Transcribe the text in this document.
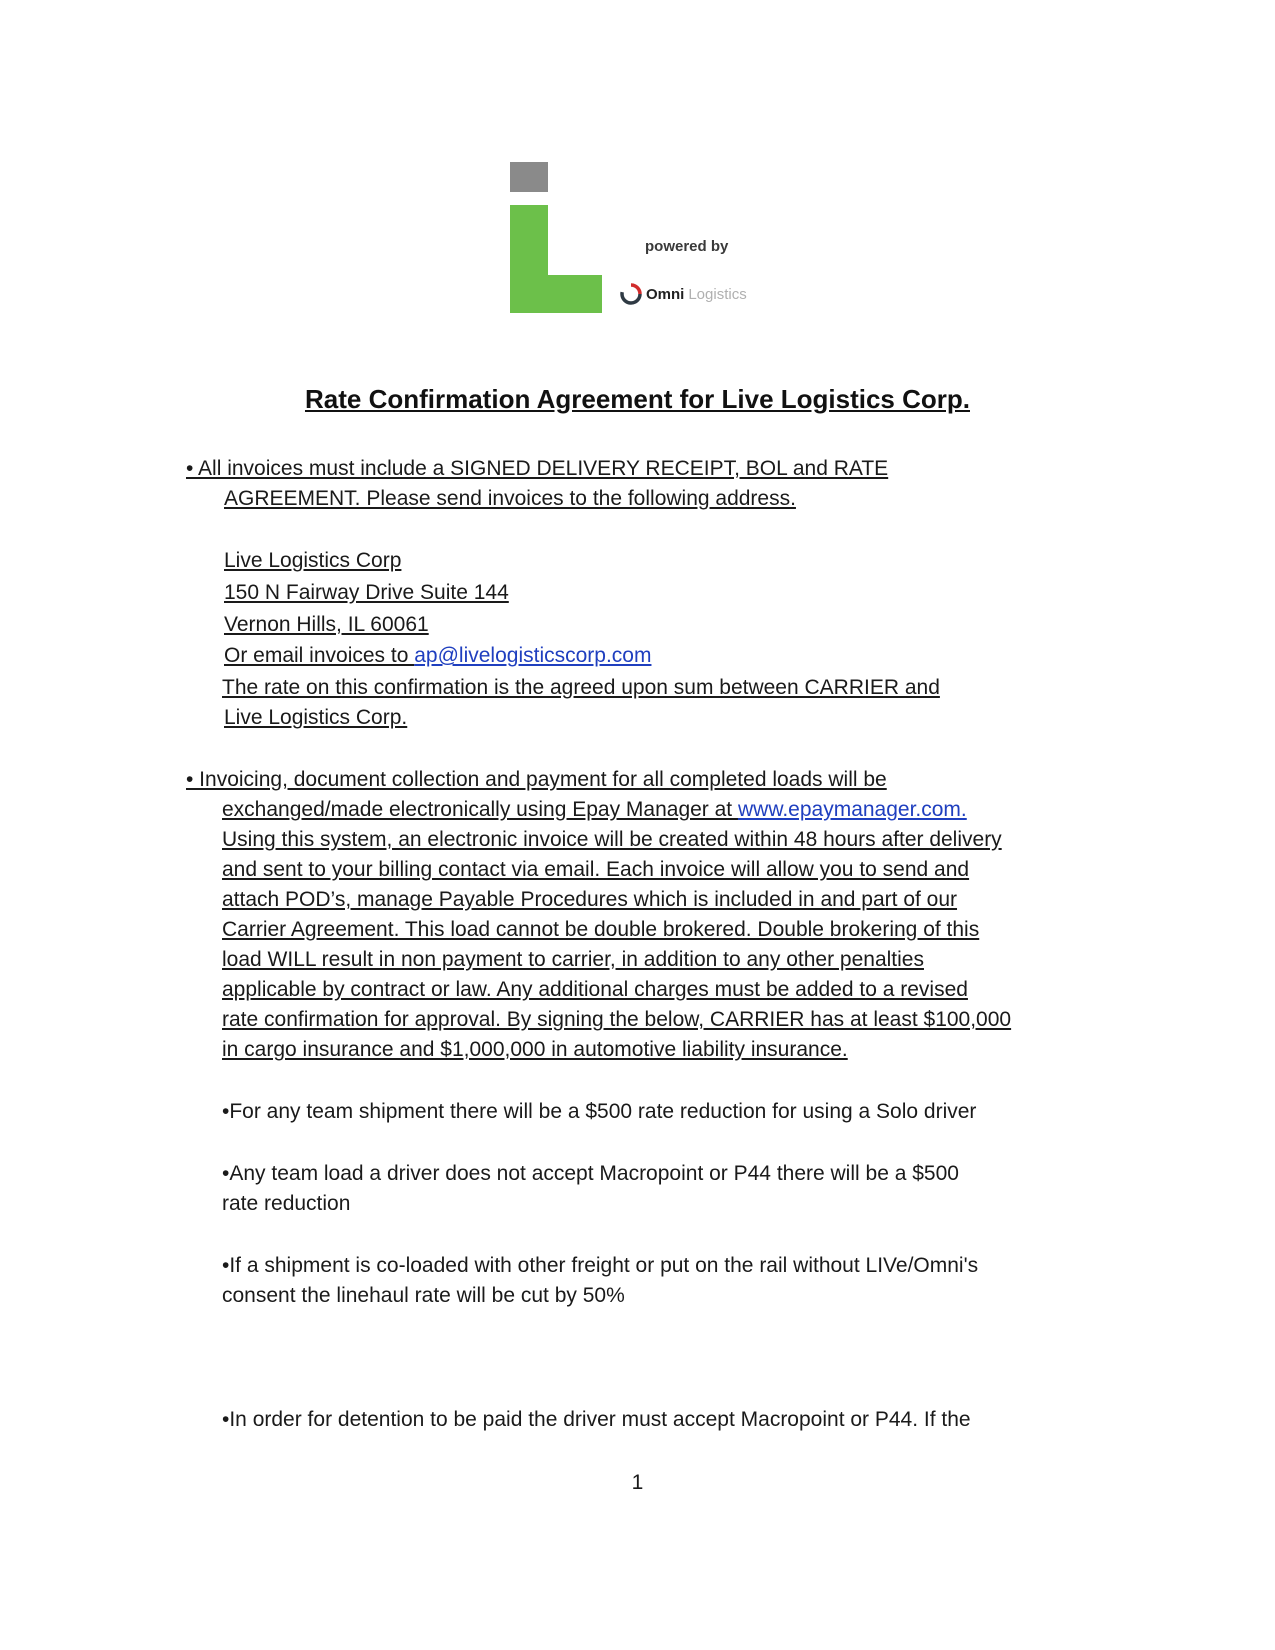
powered by
Omni Logistics
Rate Confirmation Agreement for Live Logistics Corp.
• All invoices must include a SIGNED DELIVERY RECEIPT, BOL and RATE
AGREEMENT. Please send invoices to the following address.
Live Logistics Corp
150 N Fairway Drive Suite 144
Vernon Hills, IL 60061
Or email invoices to ap@livelogisticscorp.com
The rate on this confirmation is the agreed upon sum between CARRIER and
Live Logistics Corp.
• Invoicing, document collection and payment for all completed loads will be
exchanged/made electronically using Epay Manager at www.epaymanager.com.
Using this system, an electronic invoice will be created within 48 hours after delivery
and sent to your billing contact via email. Each invoice will allow you to send and
attach POD’s, manage Payable Procedures which is included in and part of our
Carrier Agreement. This load cannot be double brokered. Double brokering of this
load WILL result in non payment to carrier, in addition to any other penalties
applicable by contract or law. Any additional charges must be added to a revised
rate confirmation for approval. By signing the below, CARRIER has at least $100,000
in cargo insurance and $1,000,000 in automotive liability insurance.
•For any team shipment there will be a $500 rate reduction for using a Solo driver
•Any team load a driver does not accept Macropoint or P44 there will be a $500
rate reduction
•If a shipment is co-loaded with other freight or put on the rail without LIVe/Omni's
consent the linehaul rate will be cut by 50%
•In order for detention to be paid the driver must accept Macropoint or P44. If the
1
